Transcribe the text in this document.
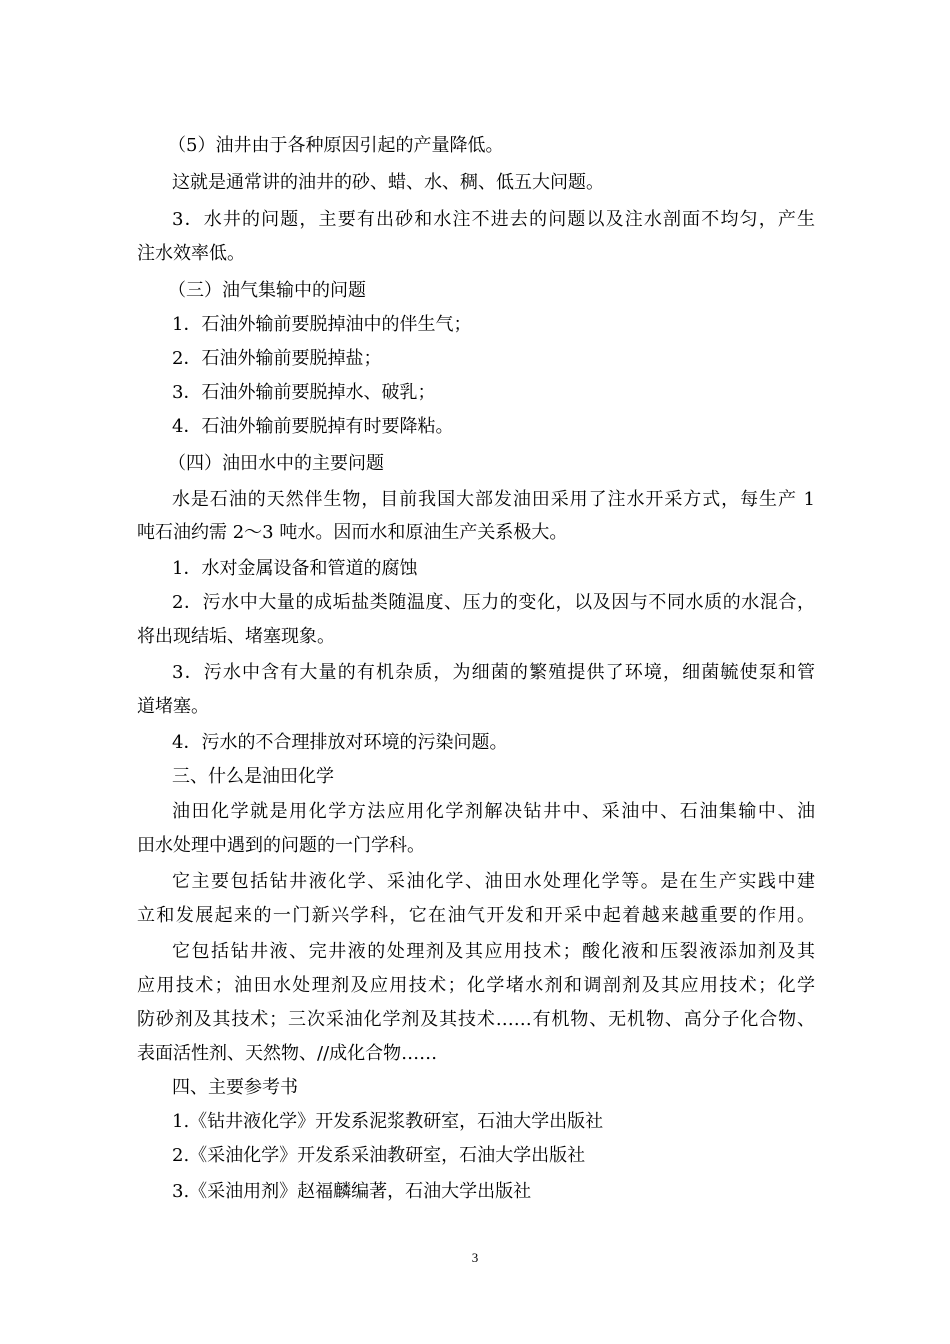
（5）油井由于各种原因引起的产量降低。
这就是通常讲的油井的砂、蜡、水、稠、低五大问题。
3．水井的问题，主要有出砂和水注不进去的问题以及注水剖面不均匀，产生
注水效率低。
（三）油气集输中的问题
1．石油外输前要脱掉油中的伴生气；
2．石油外输前要脱掉盐；
3．石油外输前要脱掉水、破乳；
4．石油外输前要脱掉有时要降粘。
（四）油田水中的主要问题
水是石油的天然伴生物，目前我国大部发油田采用了注水开采方式，每生产 1
吨石油约需 2～3 吨水。因而水和原油生产关系极大。
1．水对金属设备和管道的腐蚀
2．污水中大量的成垢盐类随温度、压力的变化，以及因与不同水质的水混合，
将出现结垢、堵塞现象。
3．污水中含有大量的有机杂质，为细菌的繁殖提供了环境，细菌毓使泵和管
道堵塞。
4．污水的不合理排放对环境的污染问题。
三、什么是油田化学
油田化学就是用化学方法应用化学剂解决钻井中、采油中、石油集输中、油
田水处理中遇到的问题的一门学科。
它主要包括钻井液化学、采油化学、油田水处理化学等。是在生产实践中建
立和发展起来的一门新兴学科，它在油气开发和开采中起着越来越重要的作用。
它包括钻井液、完井液的处理剂及其应用技术；酸化液和压裂液添加剂及其
应用技术；油田水处理剂及应用技术；化学堵水剂和调剖剂及其应用技术；化学
防砂剂及其技术；三次采油化学剂及其技术……有机物、无机物、高分子化合物、
表面活性剂、天然物、//成化合物……
四、主要参考书
1.《钻井液化学》开发系泥浆教研室，石油大学出版社
2.《采油化学》开发系采油教研室，石油大学出版社
3.《采油用剂》赵福麟编著，石油大学出版社
3
